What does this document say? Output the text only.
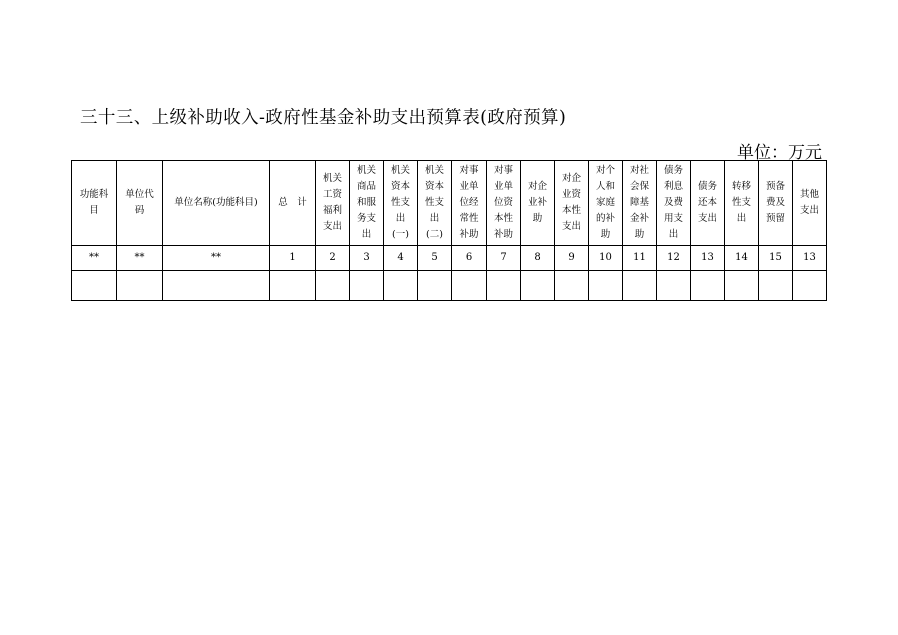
三十三、上级补助收入-政府性基金补助支出预算表(政府预算)
单位：万元
功能科目	单位代码	单位名称(功能科目)	总　计	机关工资福利支出	机关商品和服务支出	机关资本性支出(一)	机关资本性支出(二)	对事业单位经常性补助	对事业单位资本性补助	对企业补助	对企业资本性支出	对个人和家庭的补助	对社会保障基金补助	债务利息及费用支出	债务还本支出	转移性支出	预备费及预留	其他支出
**	**	**	1	2	3	4	5	6	7	8	9	10	11	12	13	14	15	13
